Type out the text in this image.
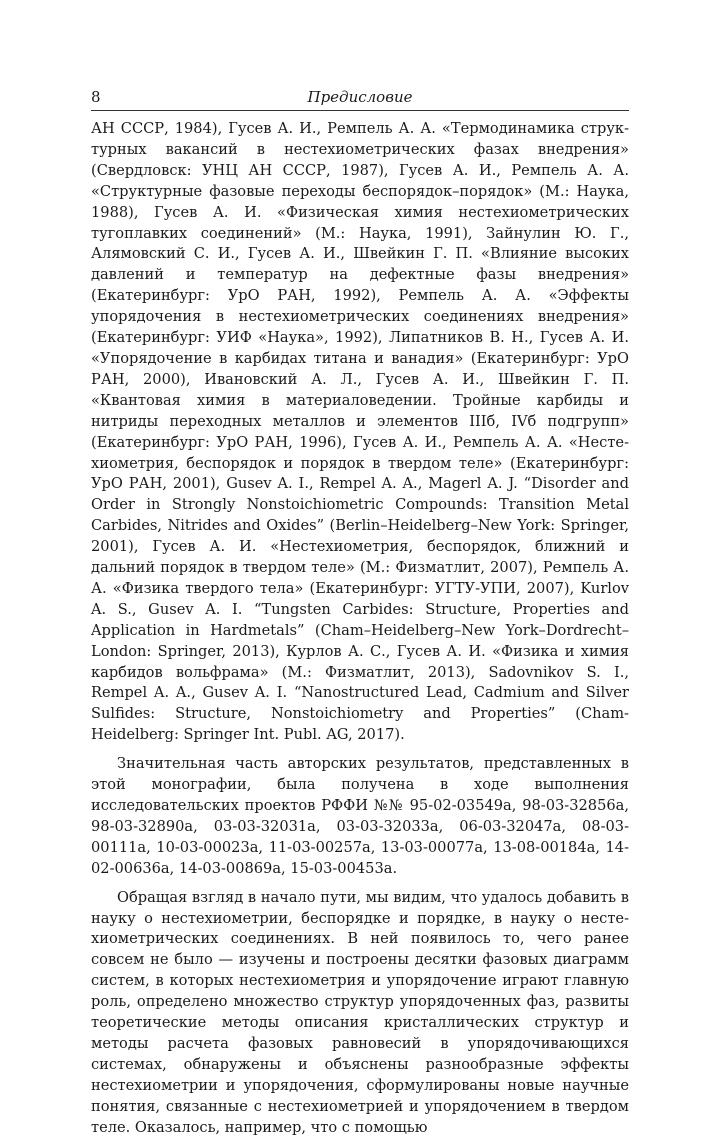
8	Предисловие

АН СССР, 1984), Гусев А. И., Ремпель А. А. «Термодинамика структурных вакансий в нестехиометрических фазах внедрения» (Свердловск: УНЦ АН СССР, 1987), Гусев А. И., Ремпель А. А. «Структурные фазовые переходы беспорядок–порядок» (М.: Наука, 1988), Гусев А. И. «Физическая химия нестехиометрических тугоплавких соединений» (М.: Наука, 1991), Зайнулин Ю. Г., Алямовский С. И., Гусев А. И., Швейкин Г. П. «Влияние высоких давлений и температур на дефектные фазы внедрения» (Екатеринбург: УрО РАН, 1992), Ремпель А. А. «Эффекты упорядочения в нестехиометрических соединениях внедрения» (Екатеринбург: УИФ «Наука», 1992), Липатников В. Н., Гусев А. И. «Упорядочение в карбидах титана и ванадия» (Екатеринбург: УрО РАН, 2000), Ивановский А. Л., Гусев А. И., Швейкин Г. П. «Квантовая химия в материаловедении. Тройные карбиды и нитриды переходных металлов и элементов IIIб, IVб подгрупп» (Екатеринбург: УрО РАН, 1996), Гусев А. И., Ремпель А. А. «Нестехиометрия, беспорядок и порядок в твердом теле» (Екатеринбург: УрО РАН, 2001), Gusev A. I., Rempel A. A., Magerl A. J. “Disorder and Order in Strongly Nonstoichiometric Compounds: Transition Metal Carbides, Nitrides and Oxides” (Berlin–Heidelberg–New York: Springer, 2001), Гусев А. И. «Нестехиометрия, беспорядок, ближний и дальний порядок в твердом теле» (М.: Физматлит, 2007), Ремпель А. А. «Физика твердого тела» (Екатеринбург: УГТУ-УПИ, 2007), Kurlov A. S., Gusev A. I. “Tungsten Carbides: Structure, Properties and Application in Hardmetals” (Cham–Heidelberg–New York–Dordrecht–London: Springer, 2013), Курлов А. С., Гусев А. И. «Физика и химия карбидов вольфрама» (М.: Физматлит, 2013), Sadovnikov S. I., Rempel A. A., Gusev A. I. “Nanostructured Lead, Cadmium and Silver Sulfides: Structure, Nonstoichiometry and Properties” (Cham-Heidelberg: Springer Int. Publ. AG, 2017).

Значительная часть авторских результатов, представленных в этой монографии, была получена в ходе выполнения исследовательских проектов РФФИ №№ 95-02-03549а, 98-03-32856а, 98-03-32890а, 03-03-32031а, 03-03-32033а, 06-03-32047а, 08-03-00111а, 10-03-00023а, 11-03-00257а, 13-03-00077а, 13-08-00184а, 14-02-00636а, 14-03-00869а, 15-03-00453а.

Обращая взгляд в начало пути, мы видим, что удалось добавить в науку о нестехиометрии, беспорядке и порядке, в науку о нестехиометрических соединениях. В ней появилось то, чего ранее совсем не было — изучены и построены десятки фазовых диаграмм систем, в которых нестехиометрия и упорядочение играют главную роль, определено множество структур упорядоченных фаз, развиты теоретические методы описания кристаллических структур и методы расчета фазовых равновесий в упорядочивающихся системах, обнаружены и объяснены разнообразные эффекты нестехиометрии и упорядочения, сформулированы новые научные понятия, связанные с нестехиометрией и упорядочением в твердом теле. Оказалось, например, что с помощью
